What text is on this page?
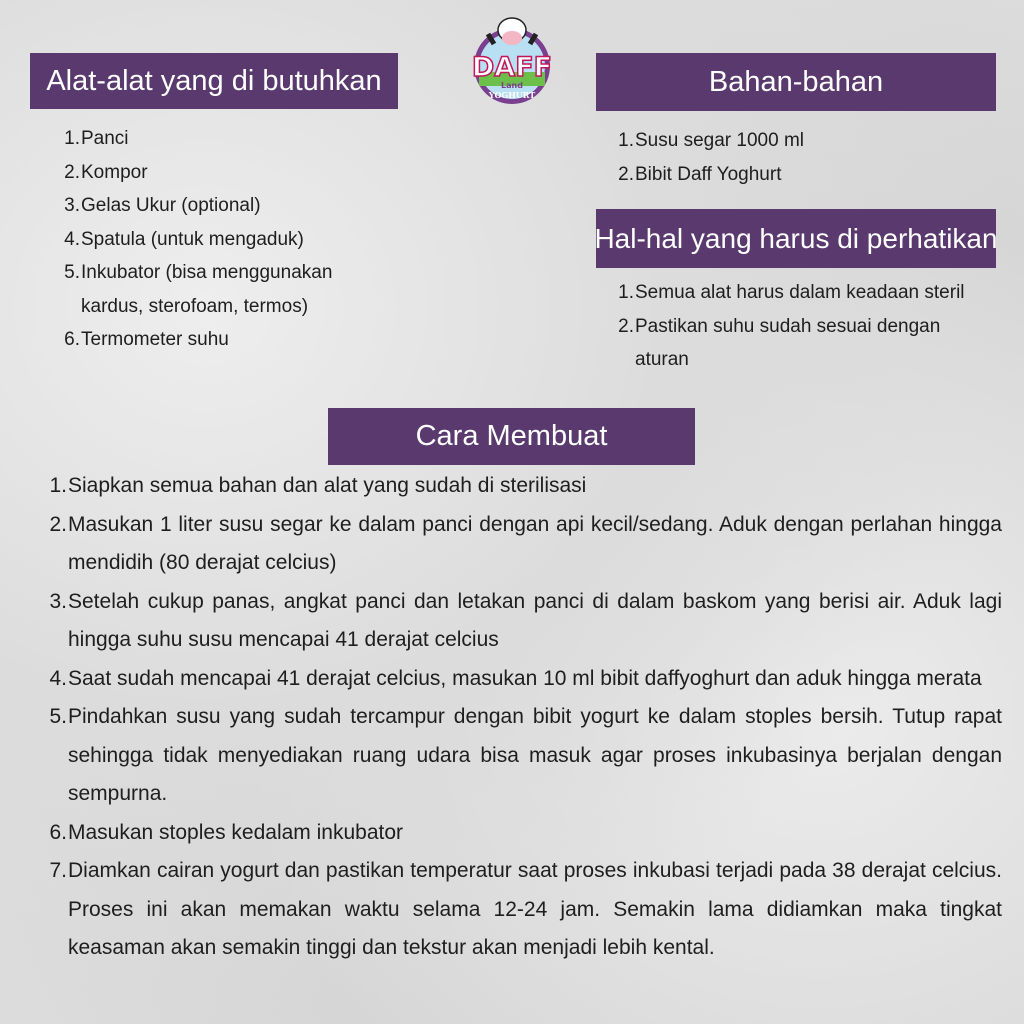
DAFF
Land
YOGHURT
Alat-alat yang di butuhkan	Bahan-bahan
Hal-hal yang harus di perhatikan
Cara Membuat
1. Panci
2. Kompor
3. Gelas Ukur (optional)
4. Spatula (untuk mengaduk)
5. Inkubator (bisa menggunakan kardus, sterofoam, termos)
6. Termometer suhu
1. Susu segar 1000 ml
2. Bibit Daff Yoghurt
1. Semua alat harus dalam keadaan steril
2. Pastikan suhu sudah sesuai dengan aturan
1. Siapkan semua bahan dan alat yang sudah di sterilisasi
2. Masukan 1 liter susu segar ke dalam panci dengan api kecil/sedang. Aduk dengan perlahan hingga mendidih (80 derajat celcius)
3. Setelah cukup panas, angkat panci dan letakan panci di dalam baskom yang berisi air. Aduk lagi hingga suhu susu mencapai 41 derajat celcius
4. Saat sudah mencapai 41 derajat celcius, masukan 10 ml bibit daffyoghurt dan aduk hingga merata
5. Pindahkan susu yang sudah tercampur dengan bibit yogurt ke dalam stoples bersih. Tutup rapat sehingga tidak menyediakan ruang udara bisa masuk agar proses inkubasinya berjalan dengan sempurna.
6. Masukan stoples kedalam inkubator
7. Diamkan cairan yogurt dan pastikan temperatur saat proses inkubasi terjadi pada 38 derajat celcius. Proses ini akan memakan waktu selama 12-24 jam. Semakin lama didiamkan maka tingkat keasaman akan semakin tinggi dan tekstur akan menjadi lebih kental.
